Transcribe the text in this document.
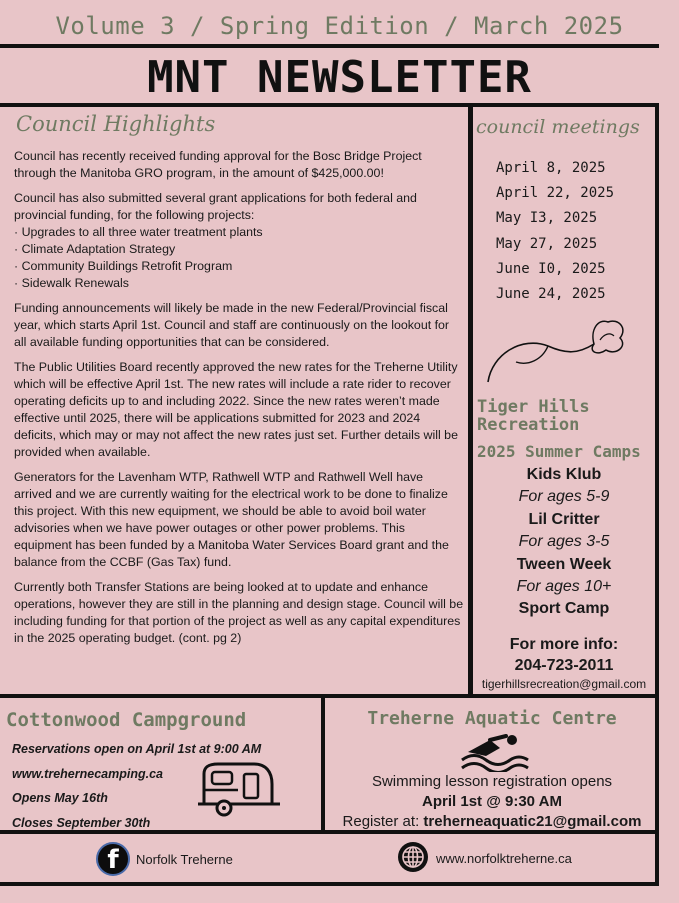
Volume 3 / Spring Edition / March 2025
MNT NEWSLETTER
Council Highlights

Council has recently received funding approval for the Bosc Bridge Project through the Manitoba GRO program, in the amount of $425,000.00!

Council has also submitted several grant applications for both federal and provincial funding, for the following projects:
· Upgrades to all three water treatment plants
· Climate Adaptation Strategy
· Community Buildings Retrofit Program
· Sidewalk Renewals

Funding announcements will likely be made in the new Federal/Provincial fiscal year, which starts April 1st. Council and staff are continuously on the lookout for all available funding opportunities that can be considered.

The Public Utilities Board recently approved the new rates for the Treherne Utility which will be effective April 1st. The new rates will include a rate rider to recover operating deficits up to and including 2022. Since the new rates weren’t made effective until 2025, there will be applications submitted for 2023 and 2024 deficits, which may or may not affect the new rates just set. Further details will be provided when available.

Generators for the Lavenham WTP, Rathwell WTP and Rathwell Well have arrived and we are currently waiting for the electrical work to be done to finalize this project. With this new equipment, we should be able to avoid boil water advisories when we have power outages or other power problems. This equipment has been funded by a Manitoba Water Services Board grant and the balance from the CCBF (Gas Tax) fund.

Currently both Transfer Stations are being looked at to update and enhance operations, however they are still in the planning and design stage. Council will be including funding for that portion of the project as well as any capital expenditures in the 2025 operating budget. (cont. pg 2)

council meetings
April 8, 2025
April 22, 2025
May I3, 2025
May 27, 2025
June I0, 2025
June 24, 2025
Tiger Hills Recreation
2025 Summer Camps
Kids Klub
For ages 5-9
Lil Critter
For ages 3-5
Tween Week
For ages 10+
Sport Camp
For more info:
204-723-2011
tigerhillsrecreation@gmail.com
Cottonwood Campground
Reservations open on April 1st at 9:00 AM
www.trehernecamping.ca
Opens May 16th
Closes September 30th
Treherne Aquatic Centre
Swimming lesson registration opens
April 1st @ 9:30 AM
Register at: treherneaquatic21@gmail.com
f	Norfolk Treherne	www.norfolktreherne.ca
